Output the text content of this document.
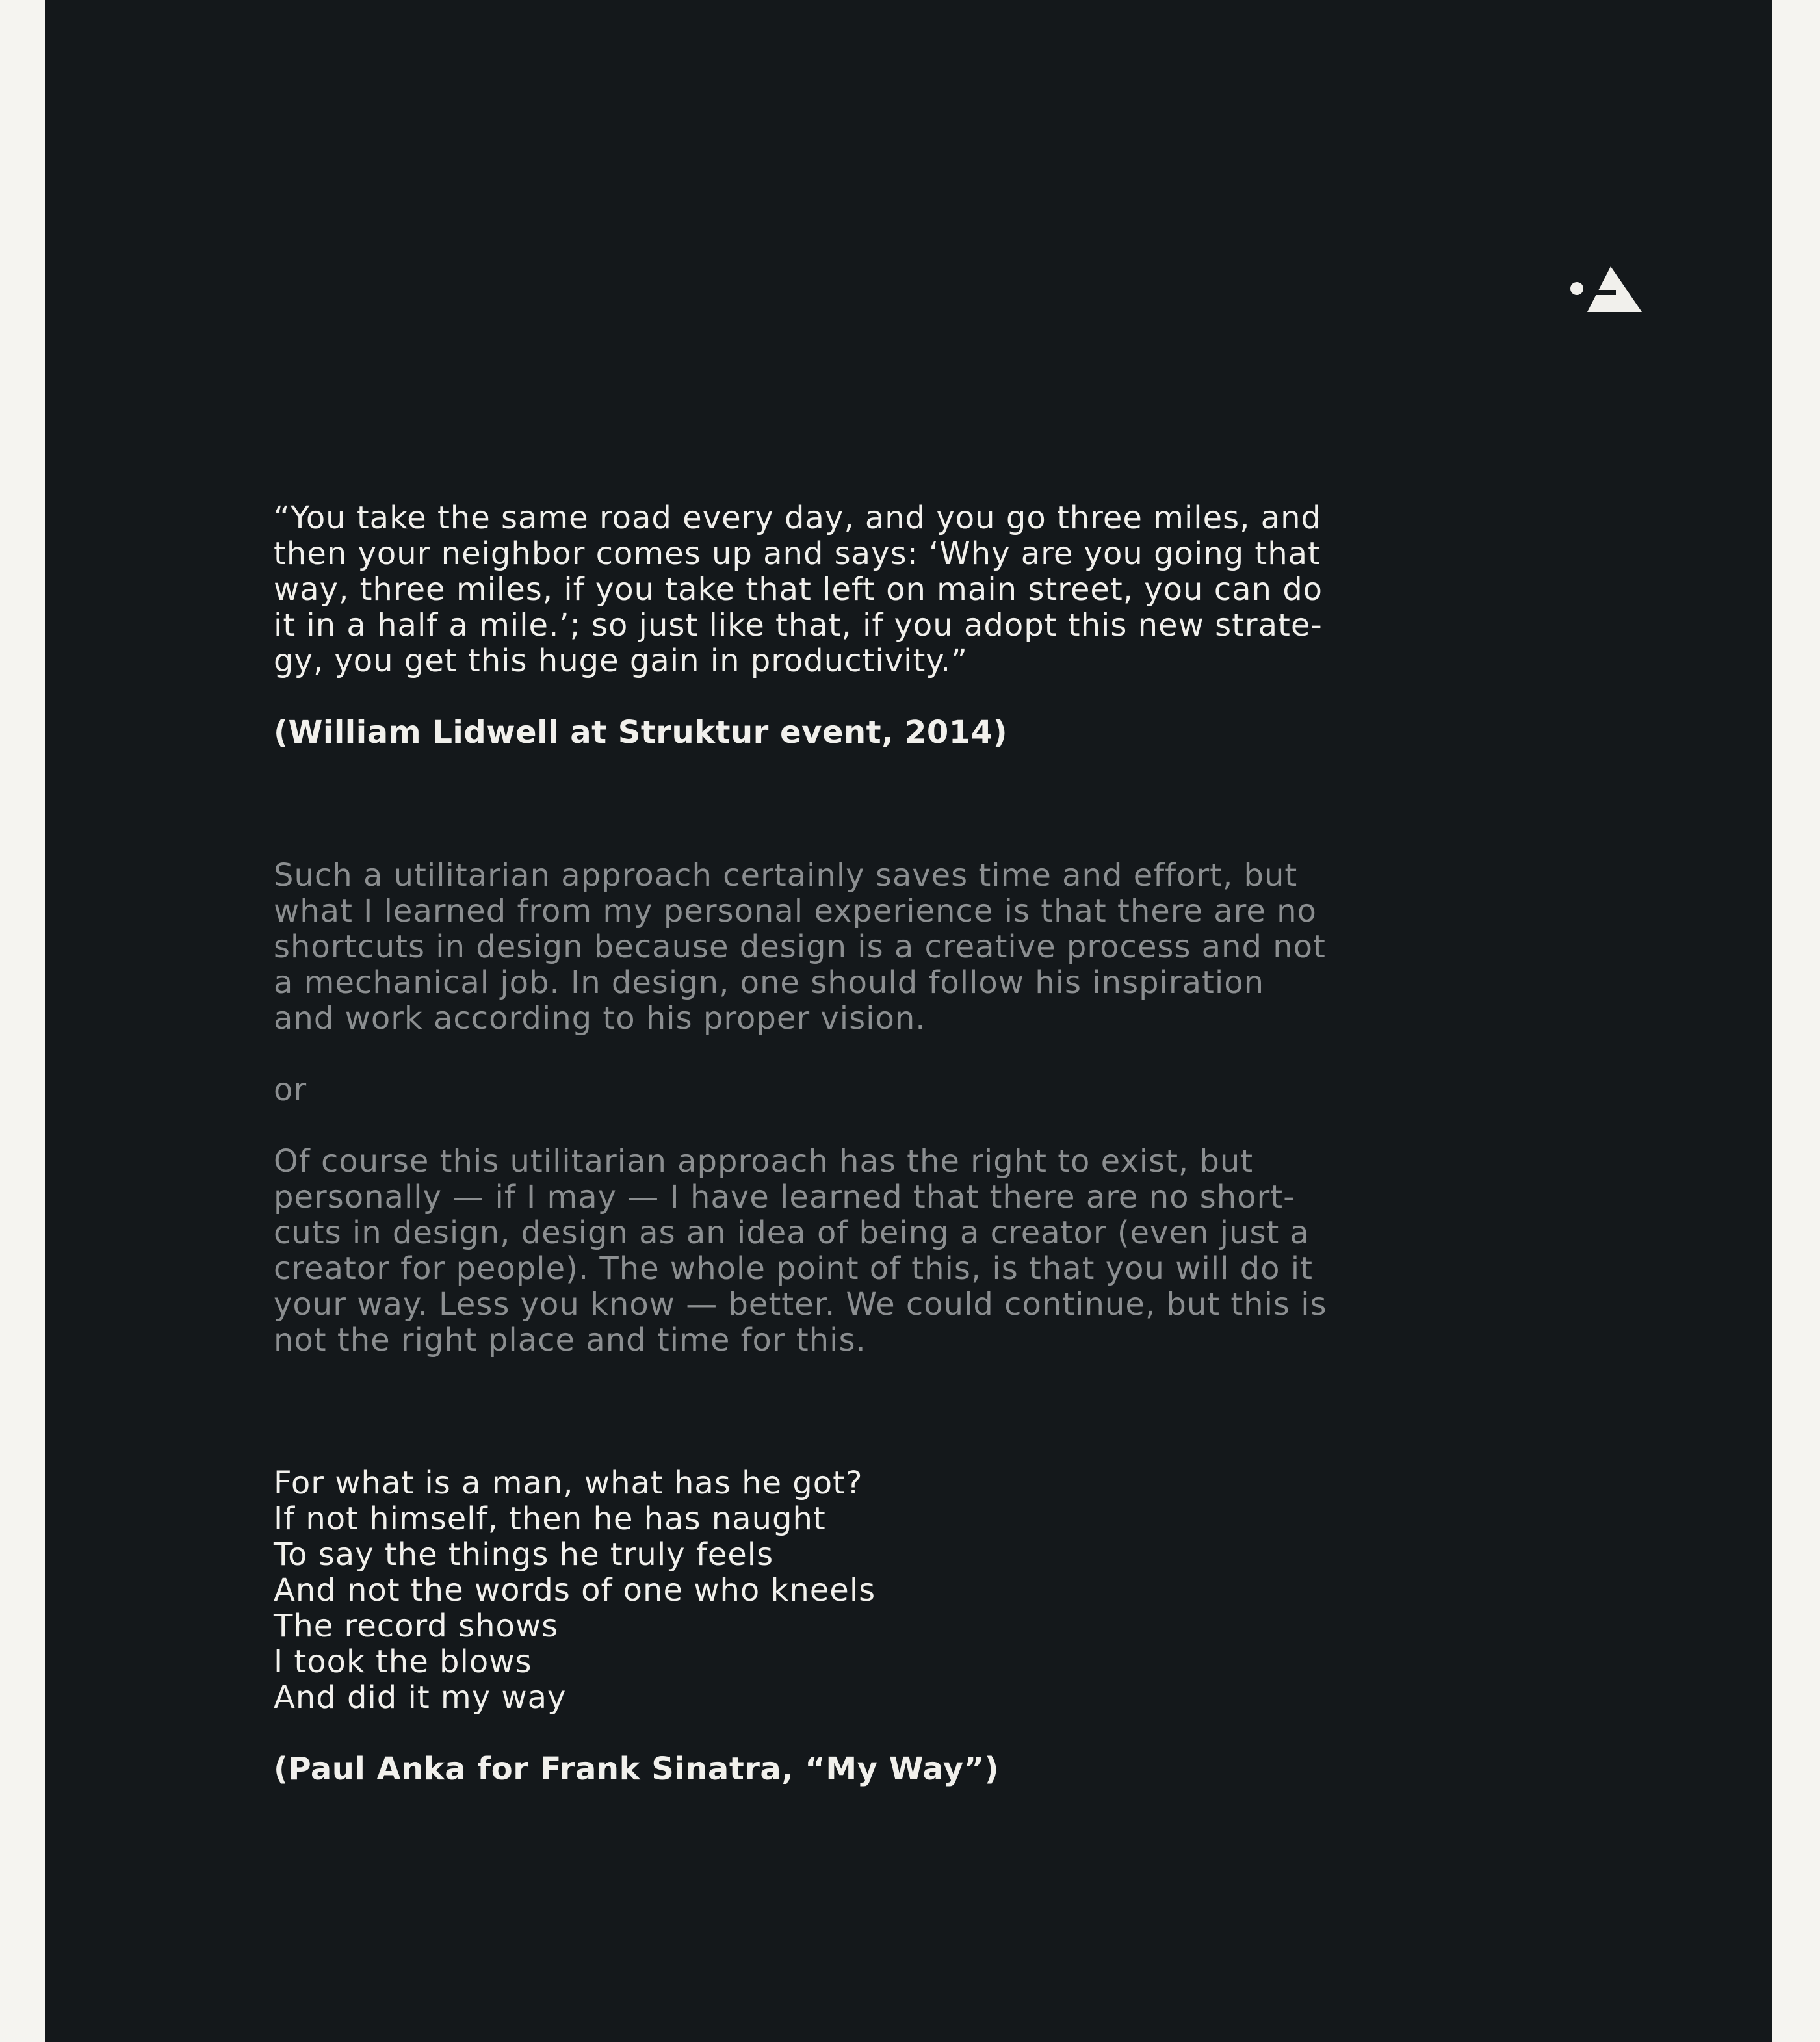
“You take the same road every day, and you go three miles, and
then your neighbor comes up and says: ‘Why are you going that
way, three miles, if you take that left on main street, you can do
it in a half a mile.’; so just like that, if you adopt this new strate-
gy, you get this huge gain in productivity.”

(William Lidwell at Struktur event, 2014)

Such a utilitarian approach certainly saves time and effort, but
what I learned from my personal experience is that there are no
shortcuts in design because design is a creative process and not
a mechanical job. In design, one should follow his inspiration
and work according to his proper vision.

or

Of course this utilitarian approach has the right to exist, but
personally — if I may — I have learned that there are no short-
cuts in design, design as an idea of being a creator (even just a
creator for people). The whole point of this, is that you will do it
your way. Less you know — better. We could continue, but this is
not the right place and time for this.

For what is a man, what has he got?
If not himself, then he has naught
To say the things he truly feels
And not the words of one who kneels
The record shows
I took the blows
And did it my way

(Paul Anka for Frank Sinatra, “My Way”)
